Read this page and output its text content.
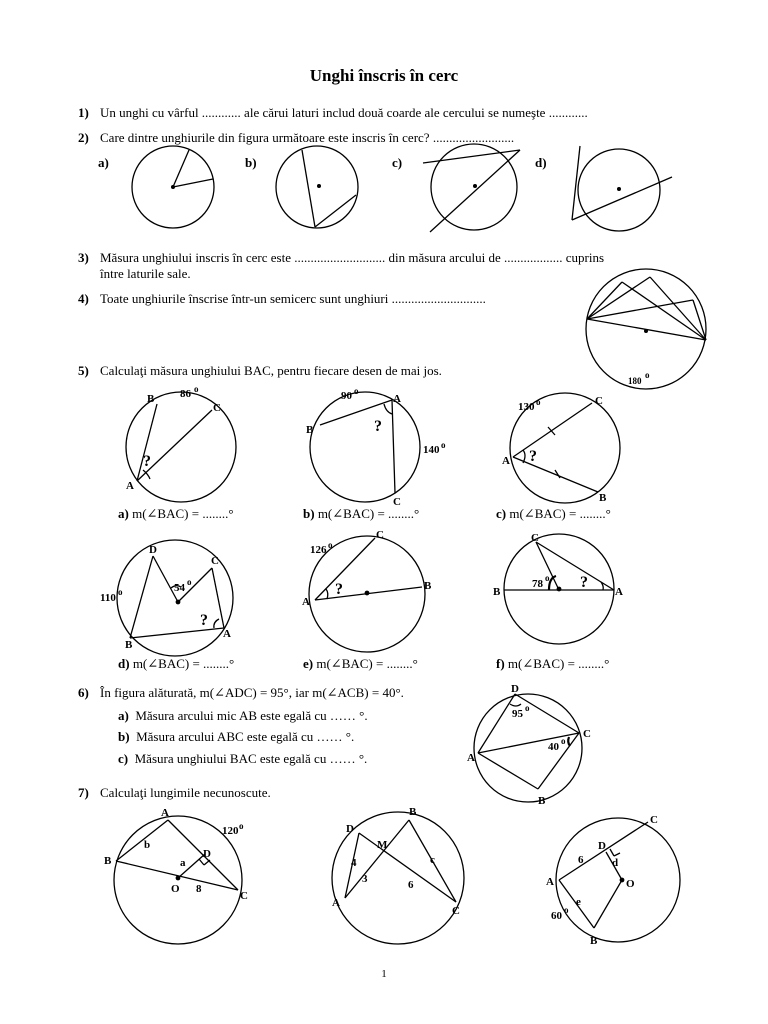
Unghi înscris în cerc
1) Un unghi cu vârful ............ ale cărui laturi includ două coarde ale cercului se numeşte ............
2) Care dintre unghiurile din figura următoare este inscris în cerc? .........................
a)	b)	c)	d)
3) Măsura unghiului inscris în cerc este ............................ din măsura arcului de .................. cuprins
între laturile sale.
4) Toate unghiurile înscrise într-un semicerc sunt unghiuri .............................
5) Calculaţi măsura unghiului BAC, pentru fiecare desen de mai jos.
a) m(∠BAC) = ........°	b) m(∠BAC) = ........°	c) m(∠BAC) = ........°
d) m(∠BAC) = ........°	e) m(∠BAC) = ........°	f) m(∠BAC) = ........°
6) În figura alăturată, m(∠ADC) = 95°, iar m(∠ACB) = 40°.
a) Măsura arcului mic AB este egală cu …… °.
b) Măsura arcului ABC este egală cu …… °.
c) Măsura unghiului BAC este egală cu …… °.
7) Calculaţi lungimile necunoscute.
1
180
o
B 86 o
C
A
?
90 o
A
B	?
140 o
C
130 o	C
A ?
B
D
C
54 o
110 o
?
A
B
126 o
C
?	B
A
C
78 o ?
B	A
D
95 o
C
40 o
A
B
A
120 o
b
D
B	a
O 8
C
B
D
M
4	c
3	6
A
C
C
D
6	d
A	O
e
60 o
B
